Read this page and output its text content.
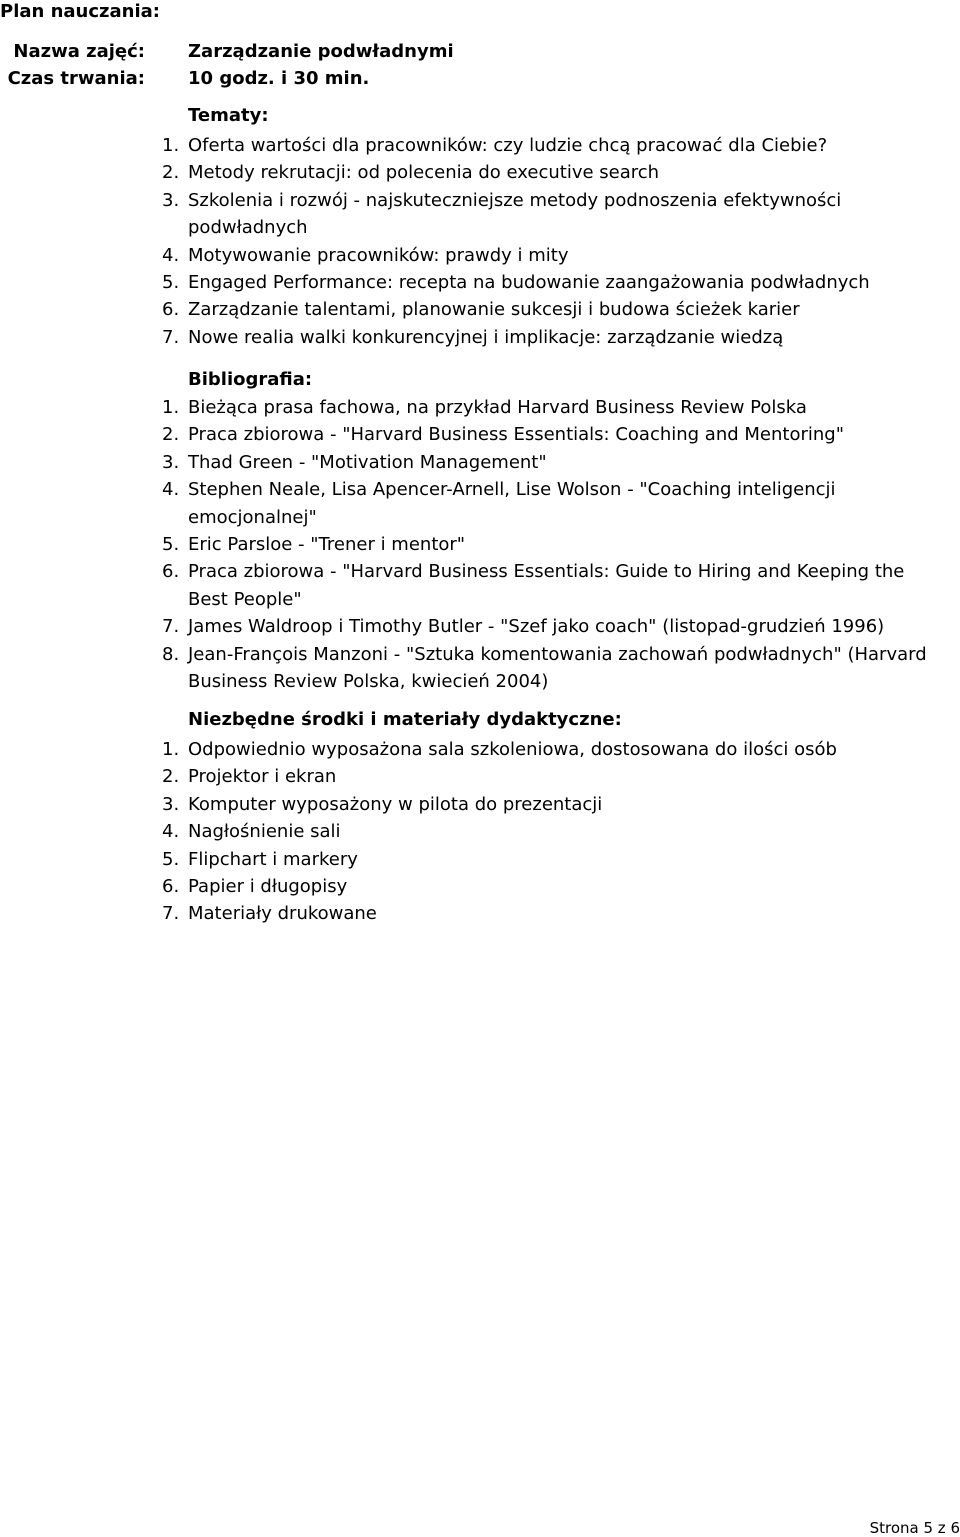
Plan nauczania:
Nazwa zajęć: Zarządzanie podwładnymi
Czas trwania: 10 godz. i 30 min.
Tematy:
1. Oferta wartości dla pracowników: czy ludzie chcą pracować dla Ciebie?
2. Metody rekrutacji: od polecenia do executive search
3. Szkolenia i rozwój - najskuteczniejsze metody podnoszenia efektywności podwładnych
4. Motywowanie pracowników: prawdy i mity
5. Engaged Performance: recepta na budowanie zaangażowania podwładnych
6. Zarządzanie talentami, planowanie sukcesji i budowa ścieżek karier
7. Nowe realia walki konkurencyjnej i implikacje: zarządzanie wiedzą
Bibliografia:
1. Bieżąca prasa fachowa, na przykład Harvard Business Review Polska
2. Praca zbiorowa - "Harvard Business Essentials: Coaching and Mentoring"
3. Thad Green - "Motivation Management"
4. Stephen Neale, Lisa Apencer-Arnell, Lise Wolson - "Coaching inteligencji emocjonalnej"
5. Eric Parsloe - "Trener i mentor"
6. Praca zbiorowa - "Harvard Business Essentials: Guide to Hiring and Keeping the Best People"
7. James Waldroop i Timothy Butler - "Szef jako coach" (listopad-grudzień 1996)
8. Jean-François Manzoni - "Sztuka komentowania zachowań podwładnych" (Harvard Business Review Polska, kwiecień 2004)
Niezbędne środki i materiały dydaktyczne:
1. Odpowiednio wyposażona sala szkoleniowa, dostosowana do ilości osób
2. Projektor i ekran
3. Komputer wyposażony w pilota do prezentacji
4. Nagłośnienie sali
5. Flipchart i markery
6. Papier i długopisy
7. Materiały drukowane
Strona 5 z 6
